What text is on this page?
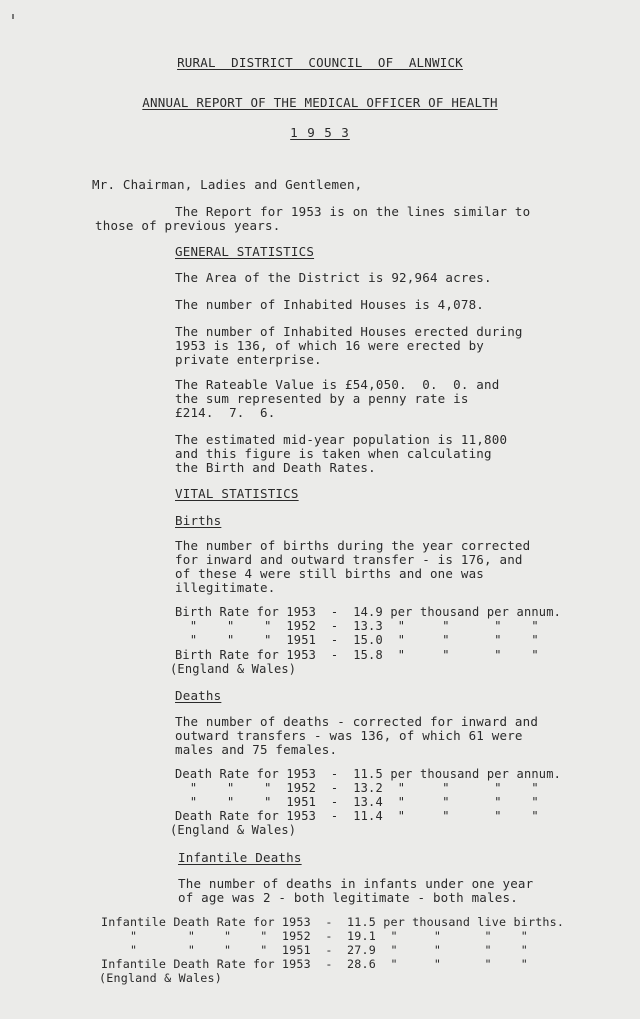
RURAL  DISTRICT  COUNCIL  OF  ALNWICK
ANNUAL REPORT OF THE MEDICAL OFFICER OF HEALTH
1 9 5 3
Mr. Chairman, Ladies and Gentlemen,
The Report for 1953 is on the lines similar to
those of previous years.
GENERAL STATISTICS
The Area of the District is 92,964 acres.
The number of Inhabited Houses is 4,078.
The number of Inhabited Houses erected during
1953 is 136, of which 16 were erected by
private enterprise.
The Rateable Value is £54,050.  0.  0. and
the sum represented by a penny rate is
£214.  7.  6.
The estimated mid-year population is 11,800
and this figure is taken when calculating
the Birth and Death Rates.
VITAL STATISTICS
Births
The number of births during the year corrected
for inward and outward transfer - is 176, and
of these 4 were still births and one was
illegitimate.
Birth Rate for 1953  -  14.9 per thousand per annum.
"    "    "  1952  -  13.3  "     "      "    "
"    "    "  1951  -  15.0  "     "      "    "
Birth Rate for 1953  -  15.8  "     "      "    "
(England & Wales)
Deaths
The number of deaths - corrected for inward and
outward transfers - was 136, of which 61 were
males and 75 females.
Death Rate for 1953  -  11.5 per thousand per annum.
"    "    "  1952  -  13.2  "     "      "    "
"    "    "  1951  -  13.4  "     "      "    "
Death Rate for 1953  -  11.4  "     "      "    "
(England & Wales)
Infantile Deaths
The number of deaths in infants under one year
of age was 2 - both legitimate - both males.
Infantile Death Rate for 1953  -  11.5 per thousand live births.
"       "    "    "  1952  -  19.1  "     "      "    "
"       "    "    "  1951  -  27.9  "     "      "    "
Infantile Death Rate for 1953  -  28.6  "     "      "    "
(England & Wales)
